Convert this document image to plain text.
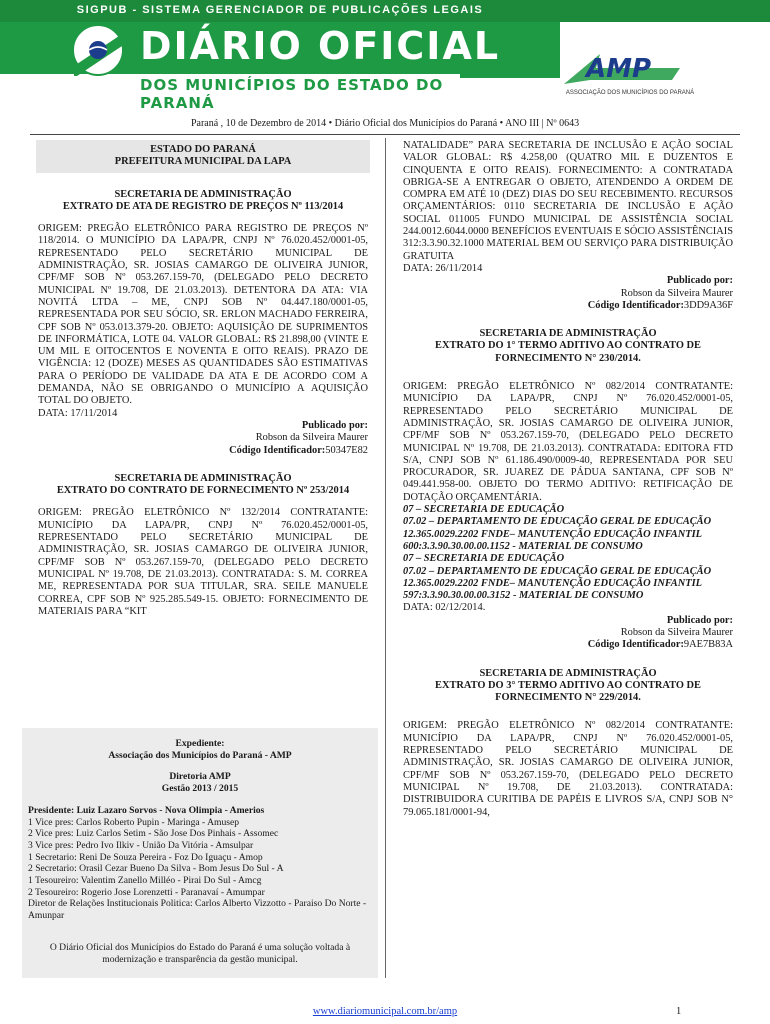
SIGPUB - SISTEMA GERENCIADOR DE PUBLICAÇÕES LEGAIS
DIÁRIO OFICIAL
DOS MUNICÍPIOS DO ESTADO DO PARANÁ
AMP
ASSOCIAÇÃO DOS MUNICÍPIOS DO PARANÁ
Paraná , 10 de Dezembro de 2014 • Diário Oficial dos Municípios do Paraná • ANO III | Nº 0643

ESTADO DO PARANÁ

PREFEITURA MUNICIPAL DA LAPA

SECRETARIA DE ADMINISTRAÇÃO

EXTRATO DE ATA DE REGISTRO DE PREÇOS Nº 113/2014

ORIGEM: PREGÃO ELETRÔNICO PARA REGISTRO DE PREÇOS Nº 118/2014. O MUNICÍPIO DA LAPA/PR, CNPJ Nº 76.020.452/0001-05, REPRESENTADO PELO SECRETÁRIO MUNICIPAL DE ADMINISTRAÇÃO, SR. JOSIAS CAMARGO DE OLIVEIRA JUNIOR, CPF/MF SOB Nº 053.267.159-70, (DELEGADO PELO DECRETO MUNICIPAL Nº 19.708, DE 21.03.2013). DETENTORA DA ATA: VIA NOVITÁ LTDA – ME, CNPJ SOB Nº 04.447.180/0001-05, REPRESENTADA POR SEU SÓCIO, SR. ERLON MACHADO FERREIRA, CPF SOB Nº 053.013.379-20. OBJETO: AQUISIÇÃO DE SUPRIMENTOS DE INFORMÁTICA, LOTE 04. VALOR GLOBAL: R$ 21.898,00 (VINTE E UM MIL E OITOCENTOS E NOVENTA E OITO REAIS). PRAZO DE VIGÊNCIA: 12 (DOZE) MESES AS QUANTIDADES SÃO ESTIMATIVAS PARA O PERÍODO DE VALIDADE DA ATA E DE ACORDO COM A DEMANDA, NÃO SE OBRIGANDO O MUNICÍPIO A AQUISIÇÃO TOTAL DO OBJETO.

DATA: 17/11/2014

Publicado por:

Robson da Silveira Maurer

Código Identificador:50347E82

SECRETARIA DE ADMINISTRAÇÃO

EXTRATO DO CONTRATO DE FORNECIMENTO Nº 253/2014

ORIGEM: PREGÃO ELETRÔNICO Nº 132/2014 CONTRATANTE: MUNICÍPIO DA LAPA/PR, CNPJ Nº 76.020.452/0001-05, REPRESENTADO PELO SECRETÁRIO MUNICIPAL DE ADMINISTRAÇÃO, SR. JOSIAS CAMARGO DE OLIVEIRA JUNIOR, CPF/MF SOB Nº 053.267.159-70, (DELEGADO PELO DECRETO MUNICIPAL Nº 19.708, DE 21.03.2013). CONTRATADA: S. M. CORREA ME, REPRESENTADA POR SUA TITULAR, SRA. SEILE MANUELE CORREA, CPF SOB Nº 925.285.549-15. OBJETO: FORNECIMENTO DE MATERIAIS PARA “KIT

Expediente:

Associação dos Municípios do Paraná - AMP

Diretoria AMP

Gestão 2013 / 2015

Presidente: Luiz Lazaro Sorvos - Nova Olimpia - Amerios

1 Vice pres: Carlos Roberto Pupin - Maringa - Amusep

2 Vice pres: Luiz Carlos Setim - São Jose Dos Pinhais - Assomec

3 Vice pres: Pedro Ivo Ilkiv - União Da Vitória - Amsulpar

1 Secretario: Reni De Souza Pereira - Foz Do Iguaçu - Amop

2 Secretario: Orasil Cezar Bueno Da Silva - Bom Jesus Do Sul - A

1 Tesoureiro: Valentim Zanello Milléo - Pirai Do Sul - Amcg

2 Tesoureiro: Rogerio Jose Lorenzetti - Paranavaí - Amumpar

Diretor de Relações Institucionais Politica: Carlos Alberto Vizzotto - Paraiso Do Norte - Amunpar

O Diário Oficial dos Municípios do Estado do Paraná é uma solução voltada à modernização e transparência da gestão municipal.

NATALIDADE” PARA SECRETARIA DE INCLUSÃO E AÇÃO SOCIAL VALOR GLOBAL: R$ 4.258,00 (QUATRO MIL E DUZENTOS E CINQUENTA E OITO REAIS). FORNECIMENTO: A CONTRATADA OBRIGA-SE A ENTREGAR O OBJETO, ATENDENDO A ORDEM DE COMPRA EM ATÉ 10 (DEZ) DIAS DO SEU RECEBIMENTO. RECURSOS ORÇAMENTÁRIOS: 0110 SECRETARIA DE INCLUSÃO E AÇÃO SOCIAL 011005 FUNDO MUNICIPAL DE ASSISTÊNCIA SOCIAL 244.0012.6044.0000 BENEFÍCIOS EVENTUAIS E SÓCIO ASSISTÊNCIAIS 312:3.3.90.32.1000 MATERIAL BEM OU SERVIÇO PARA DISTRIBUIÇÃO GRATUITA

DATA: 26/11/2014

Publicado por:

Robson da Silveira Maurer

Código Identificador:3DD9A36F

SECRETARIA DE ADMINISTRAÇÃO

EXTRATO DO 1° TERMO ADITIVO AO CONTRATO DE FORNECIMENTO N° 230/2014.

ORIGEM: PREGÃO ELETRÔNICO Nº 082/2014 CONTRATANTE: MUNICÍPIO DA LAPA/PR, CNPJ Nº 76.020.452/0001-05, REPRESENTADO PELO SECRETÁRIO MUNICIPAL DE ADMINISTRAÇÃO, SR. JOSIAS CAMARGO DE OLIVEIRA JUNIOR, CPF/MF SOB Nº 053.267.159-70, (DELEGADO PELO DECRETO MUNICIPAL Nº 19.708, DE 21.03.2013). CONTRATADA: EDITORA FTD S/A, CNPJ SOB Nº 61.186.490/0009-40, REPRESENTADA POR SEU PROCURADOR, SR. JUAREZ DE PÁDUA SANTANA, CPF SOB Nº 049.441.958-00. OBJETO DO TERMO ADITIVO: RETIFICAÇÃO DE DOTAÇÃO ORÇAMENTÁRIA.

07 – SECRETARIA DE EDUCAÇÃO

07.02 – DEPARTAMENTO DE EDUCAÇÃO GERAL DE EDUCAÇÃO

12.365.0029.2202 FNDE– MANUTENÇÃO EDUCAÇÃO INFANTIL

600:3.3.90.30.00.00.1152 - MATERIAL DE CONSUMO

07 – SECRETARIA DE EDUCAÇÃO

07.02 – DEPARTAMENTO DE EDUCAÇÃO GERAL DE EDUCAÇÃO

12.365.0029.2202 FNDE– MANUTENÇÃO EDUCAÇÃO INFANTIL

597:3.3.90.30.00.00.3152 - MATERIAL DE CONSUMO

DATA: 02/12/2014.

Publicado por:

Robson da Silveira Maurer

Código Identificador:9AE7B83A

SECRETARIA DE ADMINISTRAÇÃO

EXTRATO DO 3° TERMO ADITIVO AO CONTRATO DE FORNECIMENTO N° 229/2014.

ORIGEM: PREGÃO ELETRÔNICO Nº 082/2014 CONTRATANTE: MUNICÍPIO DA LAPA/PR, CNPJ Nº 76.020.452/0001-05, REPRESENTADO PELO SECRETÁRIO MUNICIPAL DE ADMINISTRAÇÃO, SR. JOSIAS CAMARGO DE OLIVEIRA JUNIOR, CPF/MF SOB Nº 053.267.159-70, (DELEGADO PELO DECRETO MUNICIPAL Nº 19.708, DE 21.03.2013). CONTRATADA: DISTRIBUIDORA CURITIBA DE PAPÉIS E LIVROS S/A, CNPJ SOB N° 79.065.181/0001-94,

www.diariomunicipal.com.br/amp	1
